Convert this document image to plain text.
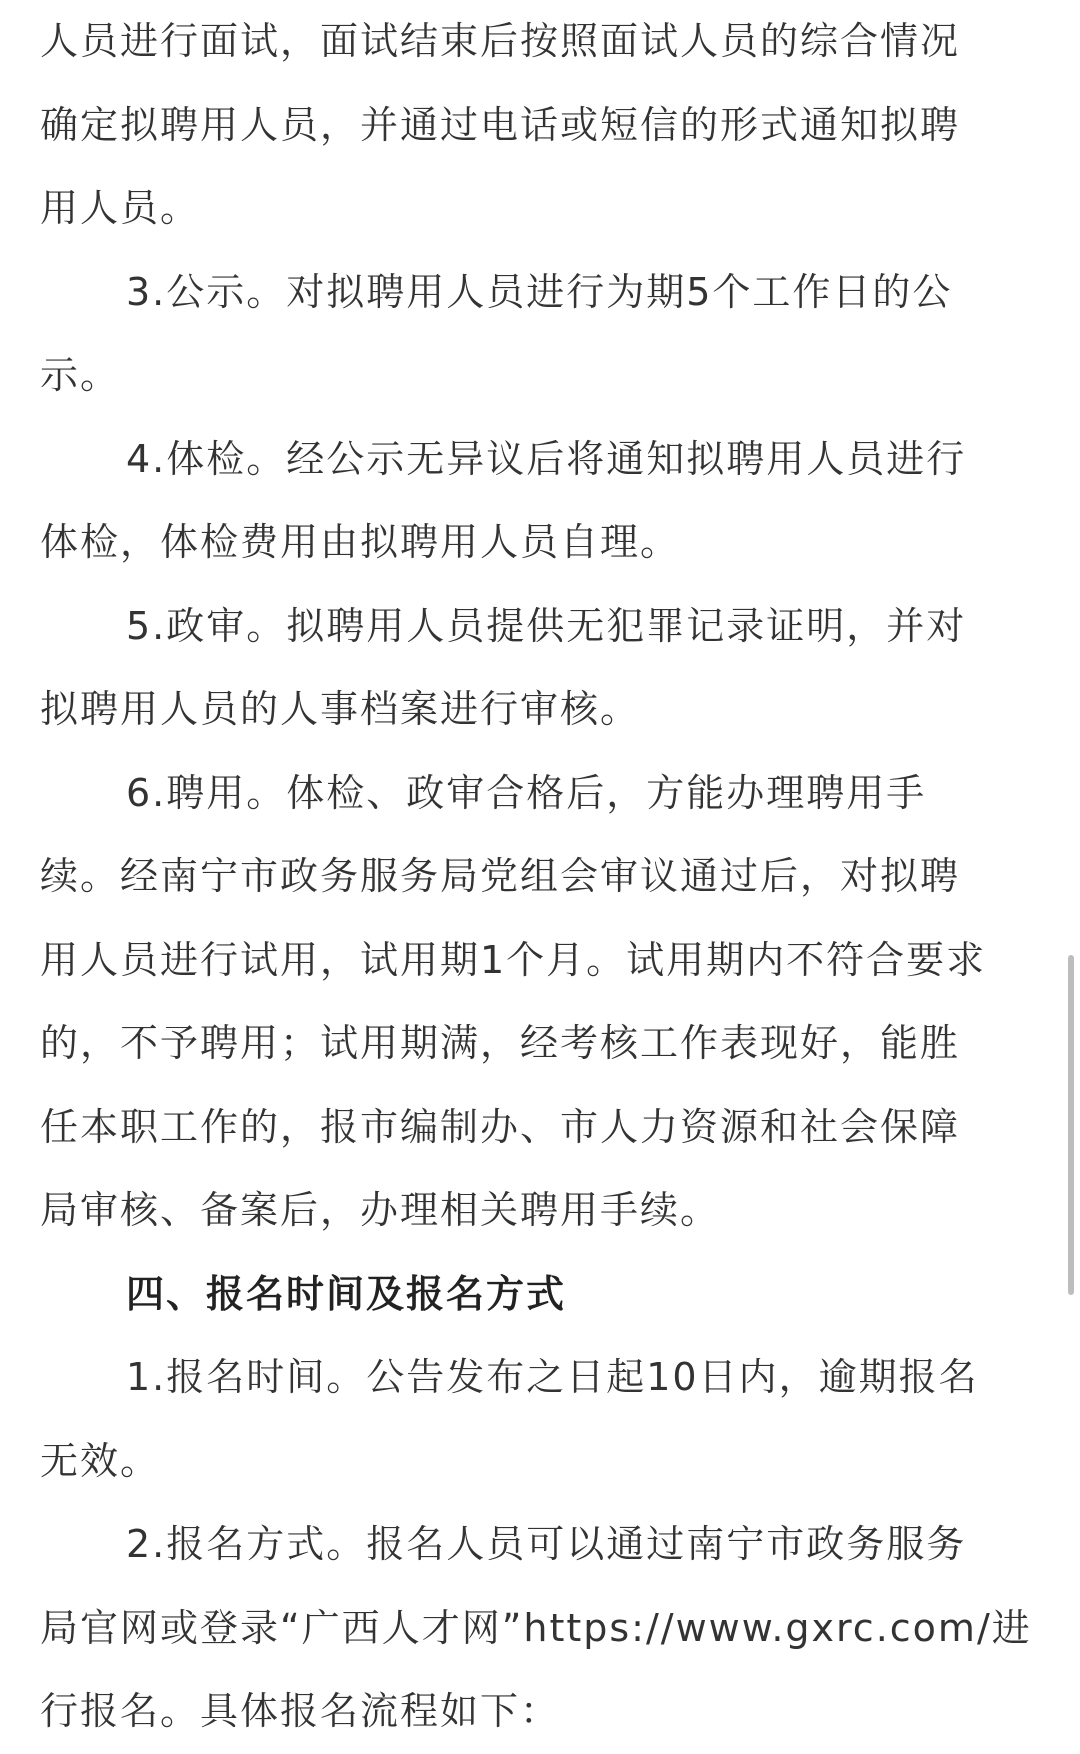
人员进行面试，面试结束后按照面试人员的综合情况
确定拟聘用人员，并通过电话或短信的形式通知拟聘
用人员。
3.公示。对拟聘用人员进行为期5个工作日的公
示。
4.体检。经公示无异议后将通知拟聘用人员进行
体检，体检费用由拟聘用人员自理。
5.政审。拟聘用人员提供无犯罪记录证明，并对
拟聘用人员的人事档案进行审核。
6.聘用。体检、政审合格后，方能办理聘用手
续。经南宁市政务服务局党组会审议通过后，对拟聘
用人员进行试用，试用期1个月。试用期内不符合要求
的，不予聘用；试用期满，经考核工作表现好，能胜
任本职工作的，报市编制办、市人力资源和社会保障
局审核、备案后，办理相关聘用手续。
四、报名时间及报名方式
1.报名时间。公告发布之日起10日内，逾期报名
无效。
2.报名方式。报名人员可以通过南宁市政务服务
局官网或登录“广西人才网”https://www.gxrc.com/进
行报名。具体报名流程如下：
